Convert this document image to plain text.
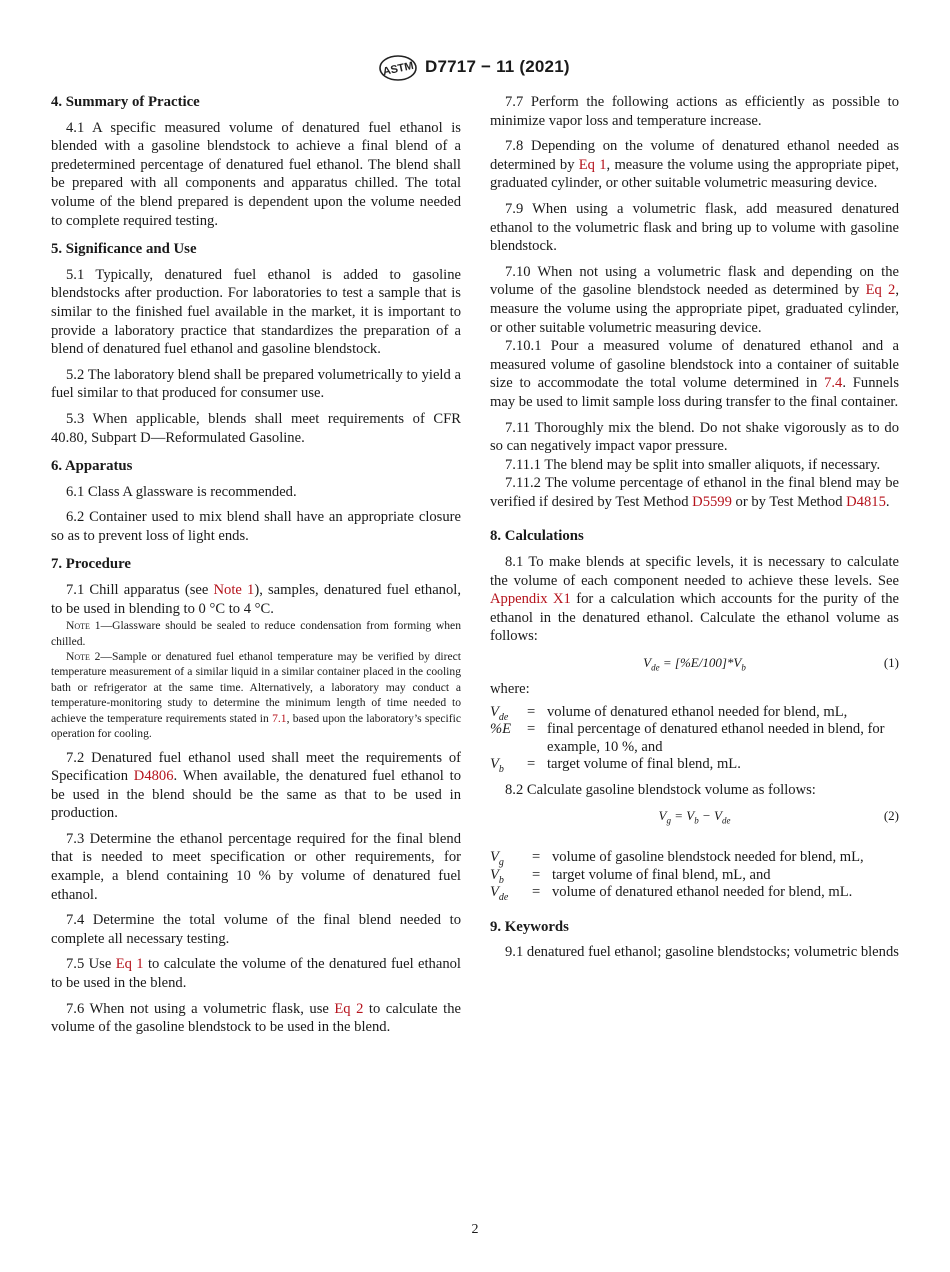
ASTM D7717 − 11 (2021)
4. Summary of Practice

4.1 A specific measured volume of denatured fuel ethanol is blended with a gasoline blendstock to achieve a final blend of a predetermined percentage of denatured fuel ethanol. The blend shall be prepared with all components and apparatus chilled. The total volume of the blend prepared is dependent upon the volume needed to complete required testing.

5. Significance and Use

5.1 Typically, denatured fuel ethanol is added to gasoline blendstocks after production. For laboratories to test a sample that is similar to the finished fuel available in the market, it is important to provide a laboratory practice that standardizes the preparation of a blend of denatured fuel ethanol and gasoline blendstock.

5.2 The laboratory blend shall be prepared volumetrically to yield a fuel similar to that produced for consumer use.

5.3 When applicable, blends shall meet requirements of CFR 40.80, Subpart D—Reformulated Gasoline.

6. Apparatus

6.1 Class A glassware is recommended.

6.2 Container used to mix blend shall have an appropriate closure so as to prevent loss of light ends.

7. Procedure

7.1 Chill apparatus (see Note 1), samples, denatured fuel ethanol, to be used in blending to 0 °C to 4 °C.

Note 1—Glassware should be sealed to reduce condensation from forming when chilled.

Note 2—Sample or denatured fuel ethanol temperature may be verified by direct temperature measurement of a similar liquid in a similar container placed in the cooling bath or refrigerator at the same time. Alternatively, a laboratory may conduct a temperature-monitoring study to determine the minimum length of time needed to achieve the temperature requirements stated in 7.1, based upon the laboratory’s specific operation for cooling.

7.2 Denatured fuel ethanol used shall meet the requirements of Specification D4806. When available, the denatured fuel ethanol to be used in the blend should be the same as that to be used in production.

7.3 Determine the ethanol percentage required for the final blend that is needed to meet specification or other requirements, for example, a blend containing 10 % by volume of denatured fuel ethanol.

7.4 Determine the total volume of the final blend needed to complete all necessary testing.

7.5 Use Eq 1 to calculate the volume of the denatured fuel ethanol to be used in the blend.

7.6 When not using a volumetric flask, use Eq 2 to calculate the volume of the gasoline blendstock to be used in the blend.

7.7 Perform the following actions as efficiently as possible to minimize vapor loss and temperature increase.

7.8 Depending on the volume of denatured ethanol needed as determined by Eq 1, measure the volume using the appropriate pipet, graduated cylinder, or other suitable volumetric measuring device.

7.9 When using a volumetric flask, add measured denatured ethanol to the volumetric flask and bring up to volume with gasoline blendstock.

7.10 When not using a volumetric flask and depending on the volume of the gasoline blendstock needed as determined by Eq 2, measure the volume using the appropriate pipet, graduated cylinder, or other suitable volumetric measuring device.

7.10.1 Pour a measured volume of denatured ethanol and a measured volume of gasoline blendstock into a container of suitable size to accommodate the total volume determined in 7.4. Funnels may be used to limit sample loss during transfer to the final container.

7.11 Thoroughly mix the blend. Do not shake vigorously as to do so can negatively impact vapor pressure.

7.11.1 The blend may be split into smaller aliquots, if necessary.

7.11.2 The volume percentage of ethanol in the final blend may be verified if desired by Test Method D5599 or by Test Method D4815.

8. Calculations

8.1 To make blends at specific levels, it is necessary to calculate the volume of each component needed to achieve these levels. See Appendix X1 for a calculation which accounts for the purity of the ethanol in the denatured ethanol. Calculate the ethanol volume as follows:

$V_{de} = [\%E/100]*V_b$	(1)

where:

$V_{de}$ = volume of denatured ethanol needed for blend, mL,
%E = final percentage of denatured ethanol needed in blend, for example, 10 %, and
$V_b$ = target volume of final blend, mL.

8.2 Calculate gasoline blendstock volume as follows:

$V_g = V_b - V_{de}$	(2)
$V_g$ = volume of gasoline blendstock needed for blend, mL,
$V_b$ = target volume of final blend, mL, and
$V_{de}$ = volume of denatured ethanol needed for blend, mL.
9. Keywords

9.1 denatured fuel ethanol; gasoline blendstocks; volumetric blends

2
